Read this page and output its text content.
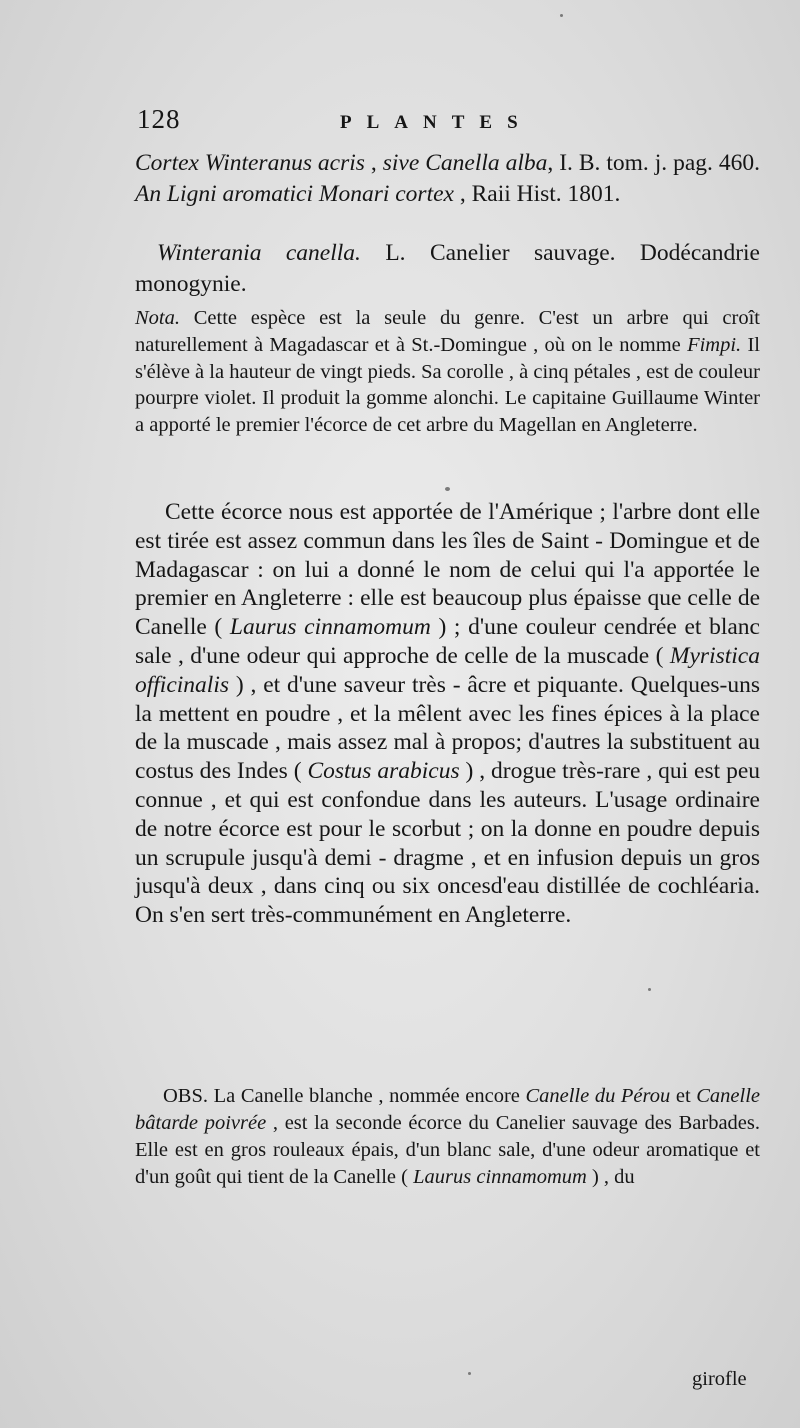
128	PLANTES

Cortex Winteranus acris , sive Canella alba, I. B. tom. j. pag. 460. An Ligni aromatici Monari cortex , Raii Hist. 1801.

Winterania canella. L. Canelier sauvage. Dodécandrie monogynie.

Nota. Cette espèce est la seule du genre. C'est un arbre qui croît naturellement à Magadascar et à St.-Domingue , où on le nomme Fimpi. Il s'élève à la hauteur de vingt pieds. Sa corolle , à cinq pétales , est de couleur pourpre violet. Il produit la gomme alonchi. Le capitaine Guillaume Winter a apporté le premier l'écorce de cet arbre du Magellan en Angleterre.

Cette écorce nous est apportée de l'Amérique ; l'arbre dont elle est tirée est assez commun dans les îles de Saint - Domingue et de Madagascar : on lui a donné le nom de celui qui l'a apportée le premier en Angleterre : elle est beaucoup plus épaisse que celle de Canelle ( Laurus cinnamomum ) ; d'une couleur cendrée et blanc sale , d'une odeur qui approche de celle de la muscade ( Myristica officinalis ) , et d'une saveur très - âcre et piquante. Quelques-uns la mettent en poudre , et la mêlent avec les fines épices à la place de la muscade , mais assez mal à propos; d'autres la substituent au costus des Indes ( Costus arabicus ) , drogue très-rare , qui est peu connue , et qui est confondue dans les auteurs. L'usage ordinaire de notre écorce est pour le scorbut ; on la donne en poudre depuis un scrupule jusqu'à demi - dragme , et en infusion depuis un gros jusqu'à deux , dans cinq ou six oncesd'eau distillée de cochléaria. On s'en sert très-communément en Angleterre.

OBS. La Canelle blanche , nommée encore Canelle du Pérou et Canelle bâtarde poivrée , est la seconde écorce du Canelier sauvage des Barbades. Elle est en gros rouleaux épais, d'un blanc sale, d'une odeur aromatique et d'un goût qui tient de la Canelle ( Laurus cinnamomum ) , du

girofle
